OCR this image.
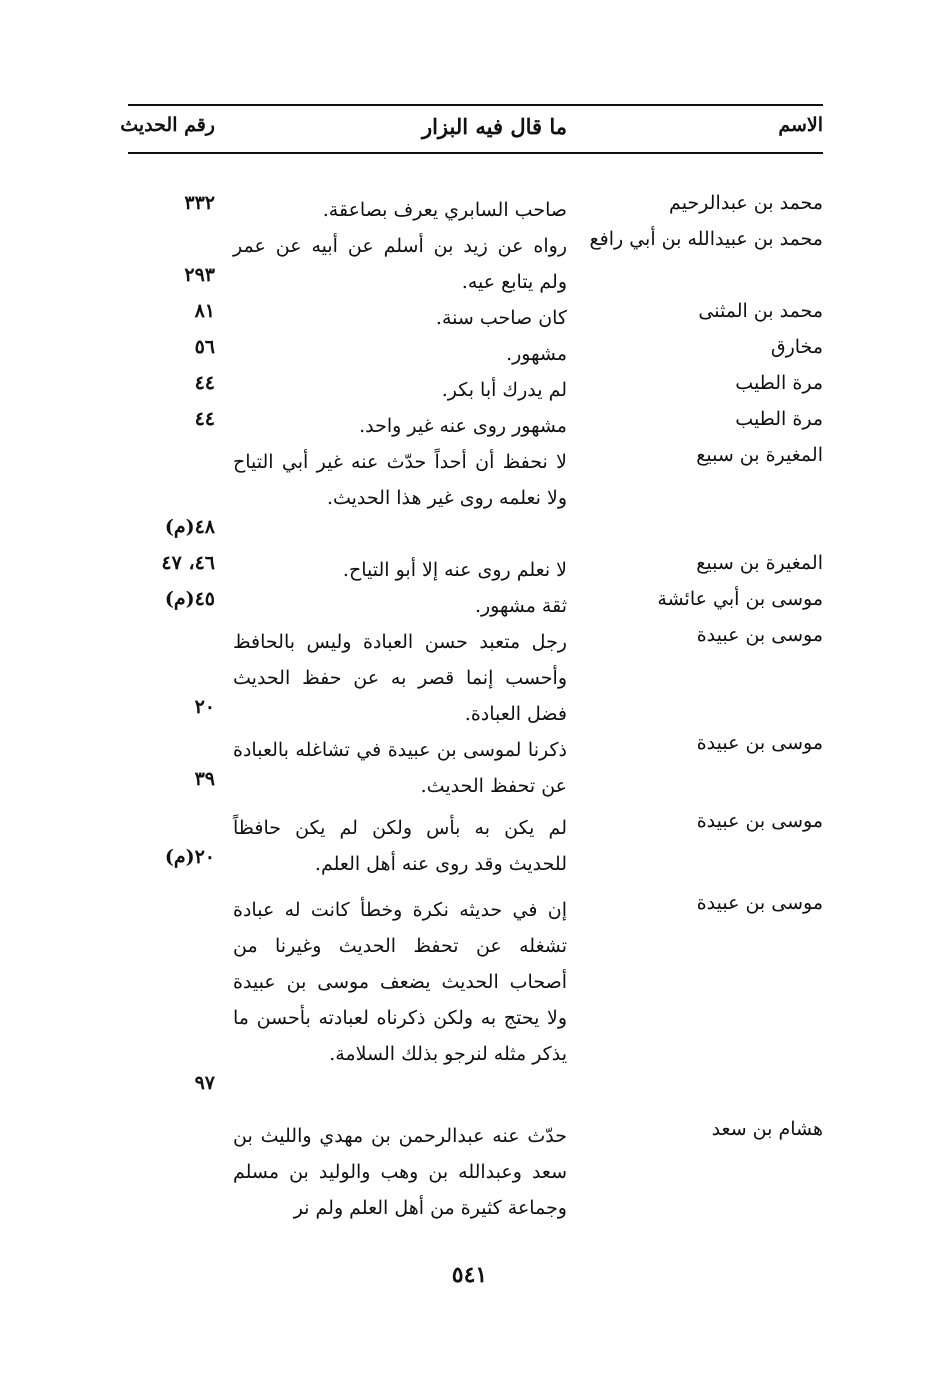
الاسم
ما قال فيه البزار
رقم الحديث
محمد بن عبدالرحيم
صاحب السابري يعرف بصاعقة.
٣٣٢
محمد بن عبيدالله بن أبي رافع
رواه عن زيد بن أسلم عن أبيه عن عمر ولم يتابع عيه.
٢٩٣
محمد بن المثنى
كان صاحب سنة.
٨١
مخارق
مشهور.
٥٦
مرة الطيب
لم يدرك أبا بكر.
٤٤
مرة الطيب
مشهور روى عنه غير واحد.
٤٤
المغيرة بن سبيع
لا نحفظ أن أحداً حدّث عنه غير أبي التياح ولا نعلمه روى غير هذا الحديث.
٤٨(م)
المغيرة بن سبيع
لا نعلم روى عنه إلا أبو التياح.
٤٦، ٤٧
موسى بن أبي عائشة
ثقة مشهور.
٤٥(م)
موسى بن عبيدة
رجل متعبد حسن العبادة وليس بالحافظ وأحسب إنما قصر به عن حفظ الحديث فضل العبادة.
٢٠
موسى بن عبيدة
ذكرنا لموسى بن عبيدة في تشاغله بالعبادة عن تحفظ الحديث.
٣٩
موسى بن عبيدة
لم يكن به بأس ولكن لم يكن حافظاً للحديث وقد روى عنه أهل العلم.
٢٠(م)
موسى بن عبيدة
إن في حديثه نكرة وخطأ كانت له عبادة تشغله عن تحفظ الحديث وغيرنا من أصحاب الحديث يضعف موسى بن عبيدة ولا يحتج به ولكن ذكرناه لعبادته بأحسن ما يذكر مثله لنرجو بذلك السلامة.
٩٧
هشام بن سعد
حدّث عنه عبدالرحمن بن مهدي والليث بن سعد وعبدالله بن وهب والوليد بن مسلم وجماعة كثيرة من أهل العلم ولم نر
٥٤١
